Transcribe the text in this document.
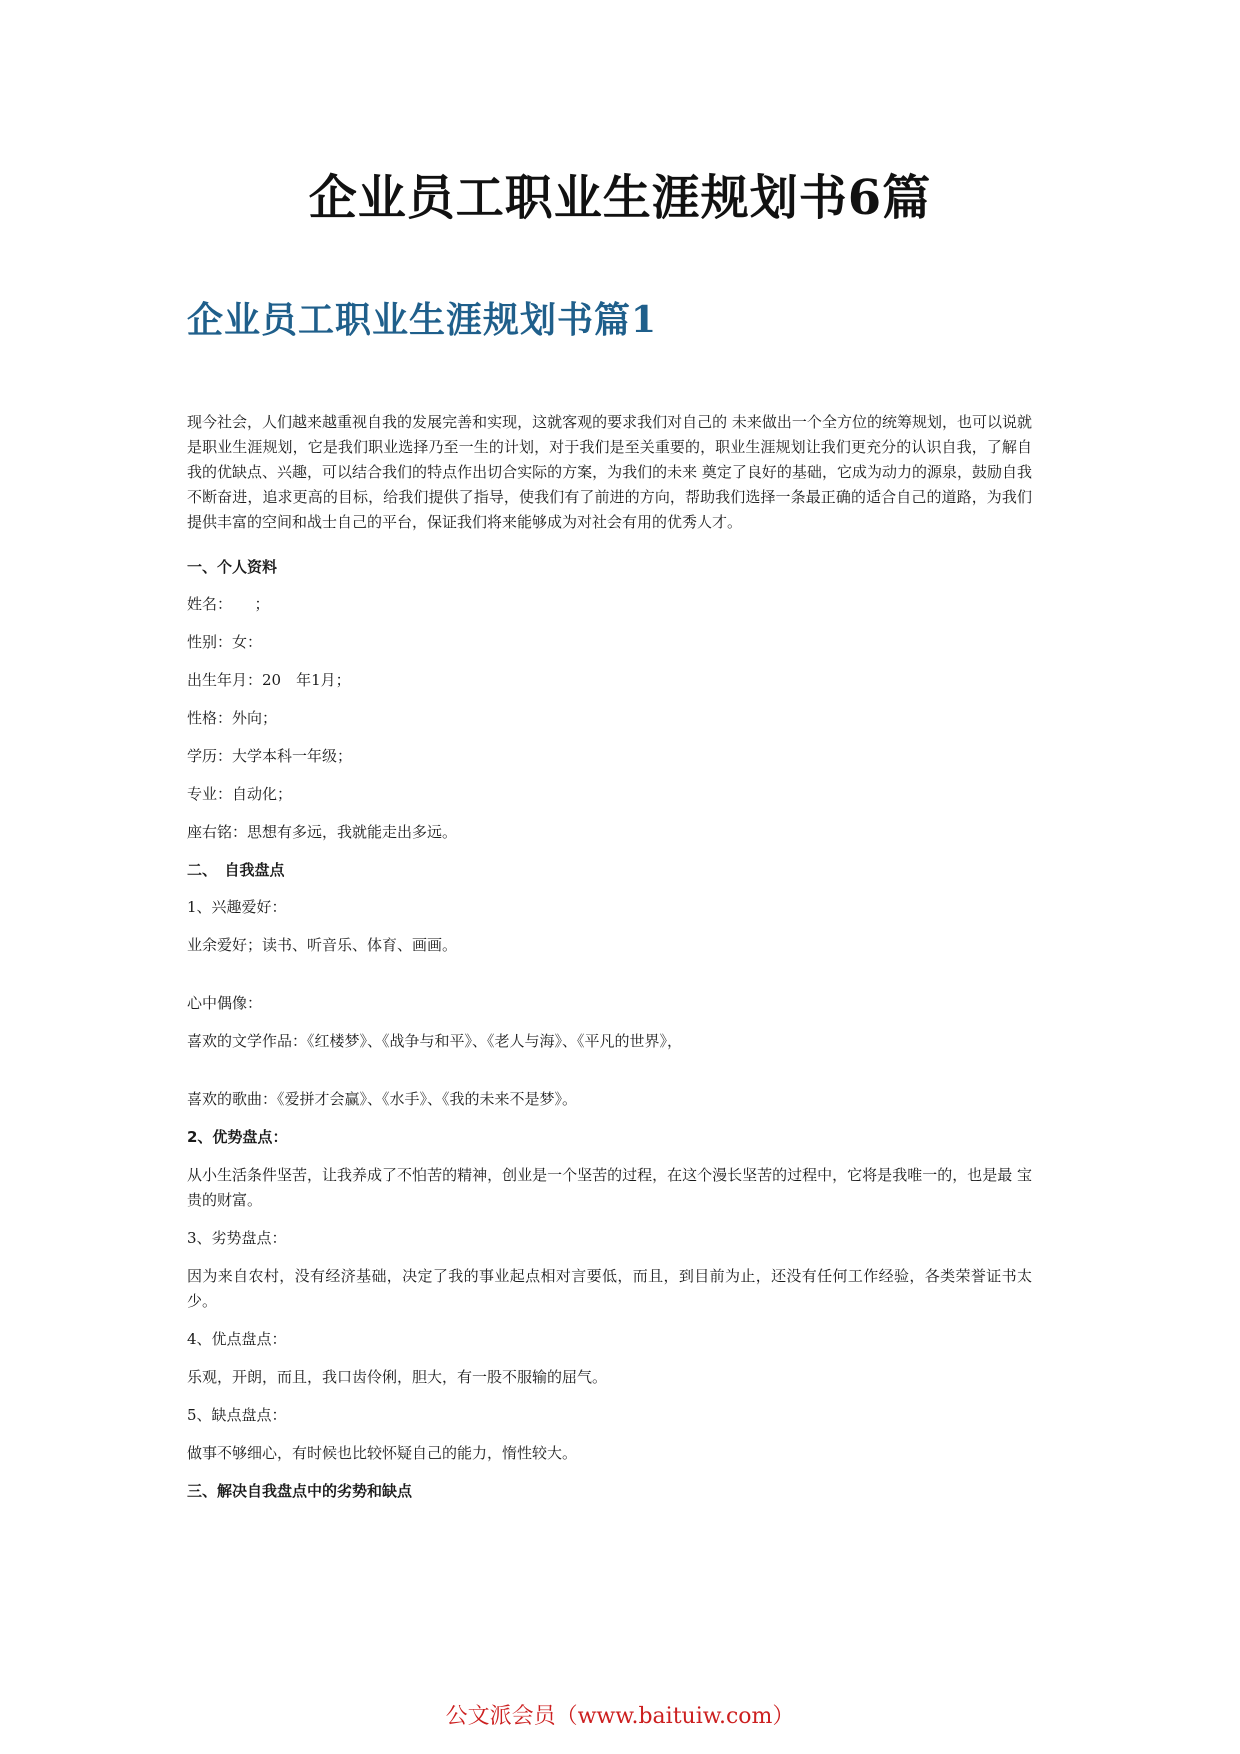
企业员工职业生涯规划书6篇
企业员工职业生涯规划书篇1

现今社会，人们越来越重视自我的发展完善和实现，这就客观的要求我们对自己的 未来做出一个全方位的统筹规划，也可以说就是职业生涯规划，它是我们职业选择乃至一生的计划，对于我们是至关重要的，职业生涯规划让我们更充分的认识自我，了解自我的优缺点、兴趣，可以结合我们的特点作出切合实际的方案，为我们的未来 奠定了良好的基础，它成为动力的源泉，鼓励自我不断奋进，追求更高的目标，给我们提供了指导，使我们有了前进的方向，帮助我们选择一条最正确的适合自己的道路，为我们提供丰富的空间和战士自己的平台，保证我们将来能够成为对社会有用的优秀人才。

一、个人资料

姓名：　　；

性别：女：

出生年月：20　年1月；

性格：外向；

学历：大学本科一年级；

专业：自动化；

座右铭：思想有多远，我就能走出多远。

二、　自我盘点

1、兴趣爱好：

业余爱好；读书、听音乐、体育、画画。

心中偶像：

喜欢的文学作品：《红楼梦》、《战争与和平》、《老人与海》、《平凡的世界》，

喜欢的歌曲：《爱拼才会赢》、《水手》、《我的未来不是梦》。

2、优势盘点：

从小生活条件坚苦，让我养成了不怕苦的精神，创业是一个坚苦的过程，在这个漫长坚苦的过程中，它将是我唯一的，也是最 宝贵的财富。

3、劣势盘点：

因为来自农村，没有经济基础，决定了我的事业起点相对言要低，而且，到目前为止，还没有任何工作经验，各类荣誉证书太 少。

4、优点盘点：

乐观，开朗，而且，我口齿伶俐，胆大，有一股不服输的屈气。

5、缺点盘点：

做事不够细心，有时候也比较怀疑自己的能力，惰性较大。

三、解决自我盘点中的劣势和缺点

公文派会员（www.baituiw.com）
